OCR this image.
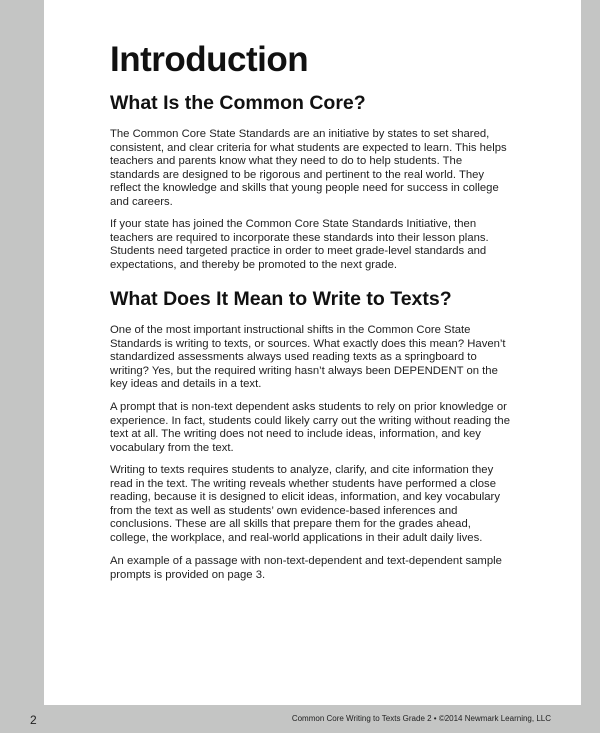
Introduction
What Is the Common Core?

The Common Core State Standards are an initiative by states to set shared, consistent, and clear criteria for what students are expected to learn. This helps teachers and parents know what they need to do to help students. The standards are designed to be rigorous and pertinent to the real world. They reflect the knowledge and skills that young people need for success in college and careers.

If your state has joined the Common Core State Standards Initiative, then teachers are required to incorporate these standards into their lesson plans. Students need targeted practice in order to meet grade-level standards and expectations, and thereby be promoted to the next grade.

What Does It Mean to Write to Texts?

One of the most important instructional shifts in the Common Core State Standards is writing to texts, or sources. What exactly does this mean? Haven’t standardized assessments always used reading texts as a springboard to writing? Yes, but the required writing hasn’t always been DEPENDENT on the key ideas and details in a text.

A prompt that is non-text dependent asks students to rely on prior knowledge or experience. In fact, students could likely carry out the writing without reading the text at all. The writing does not need to include ideas, information, and key vocabulary from the text.

Writing to texts requires students to analyze, clarify, and cite information they read in the text. The writing reveals whether students have performed a close reading, because it is designed to elicit ideas, information, and key vocabulary from the text as well as students’ own evidence-based inferences and conclusions. These are all skills that prepare them for the grades ahead, college, the workplace, and real-world applications in their adult daily lives.

An example of a passage with non-text-dependent and text-dependent sample prompts is provided on page 3.

2	Common Core Writing to Texts Grade 2 • ©2014 Newmark Learning, LLC
